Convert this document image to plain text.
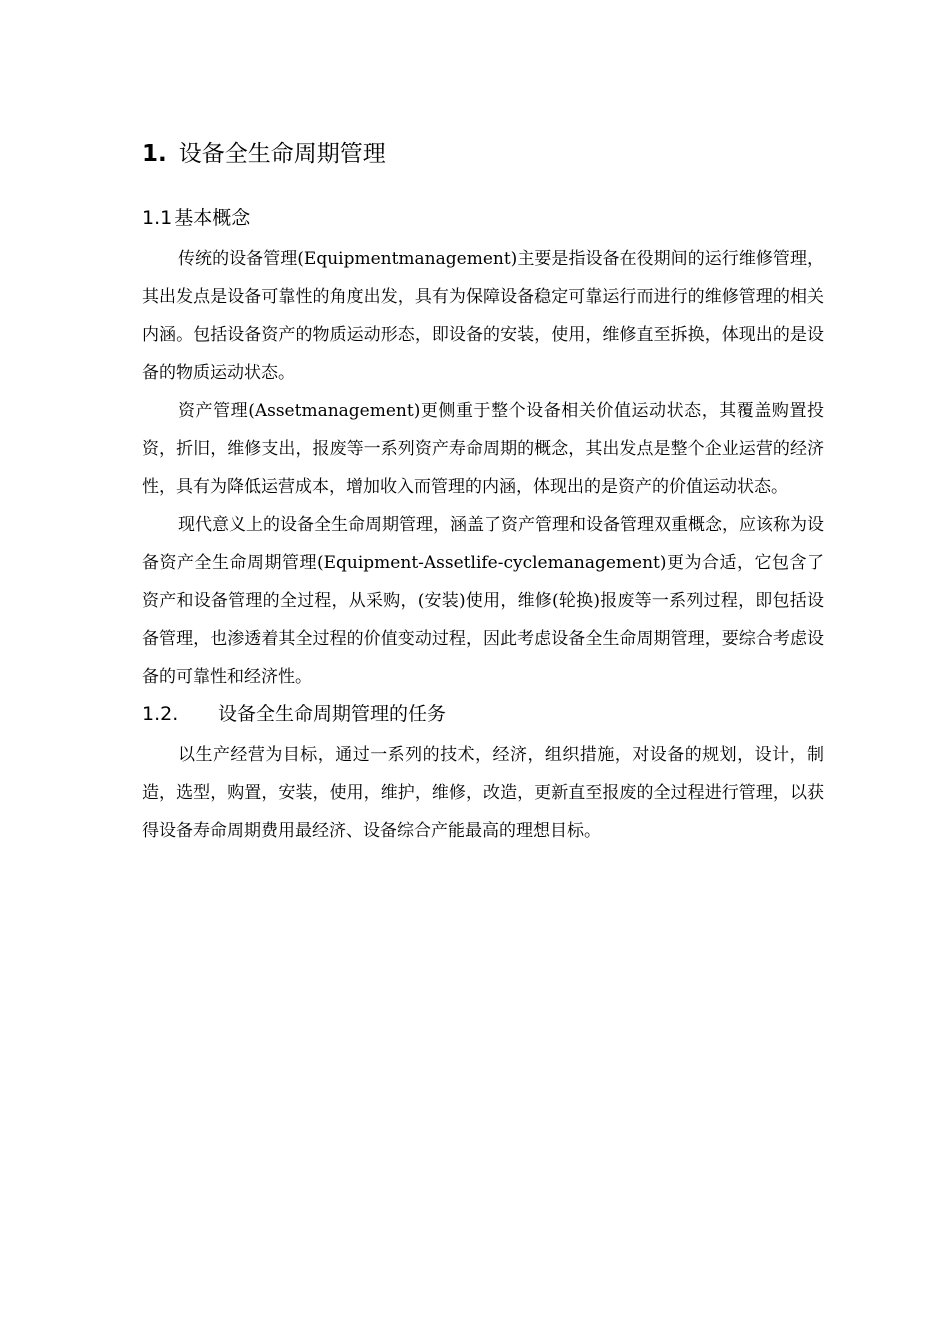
1. 设备全生命周期管理
1.1 基本概念

传统的设备管理(Equipmentmanagement)主要是指设备在役期间的运行维修管理，其出发点是设备可靠性的角度出发，具有为保障设备稳定可靠运行而进行的维修管理的相关内涵。包括设备资产的物质运动形态，即设备的安装，使用，维修直至拆换，体现出的是设备的物质运动状态。

资产管理(Assetmanagement)更侧重于整个设备相关价值运动状态，其覆盖购置投资，折旧，维修支出，报废等一系列资产寿命周期的概念，其出发点是整个企业运营的经济性，具有为降低运营成本，增加收入而管理的内涵，体现出的是资产的价值运动状态。

现代意义上的设备全生命周期管理，涵盖了资产管理和设备管理双重概念，应该称为设备资产全生命周期管理(Equipment-Assetlife-cyclemanagement)更为合适，它包含了资产和设备管理的全过程，从采购，(安装)使用，维修(轮换)报废等一系列过程，即包括设备管理，也渗透着其全过程的价值变动过程，因此考虑设备全生命周期管理，要综合考虑设备的可靠性和经济性。

1.2.	设备全生命周期管理的任务

以生产经营为目标，通过一系列的技术，经济，组织措施，对设备的规划，设计，制造，选型，购置，安装，使用，维护，维修，改造，更新直至报废的全过程进行管理，以获得设备寿命周期费用最经济、设备综合产能最高的理想目标。
